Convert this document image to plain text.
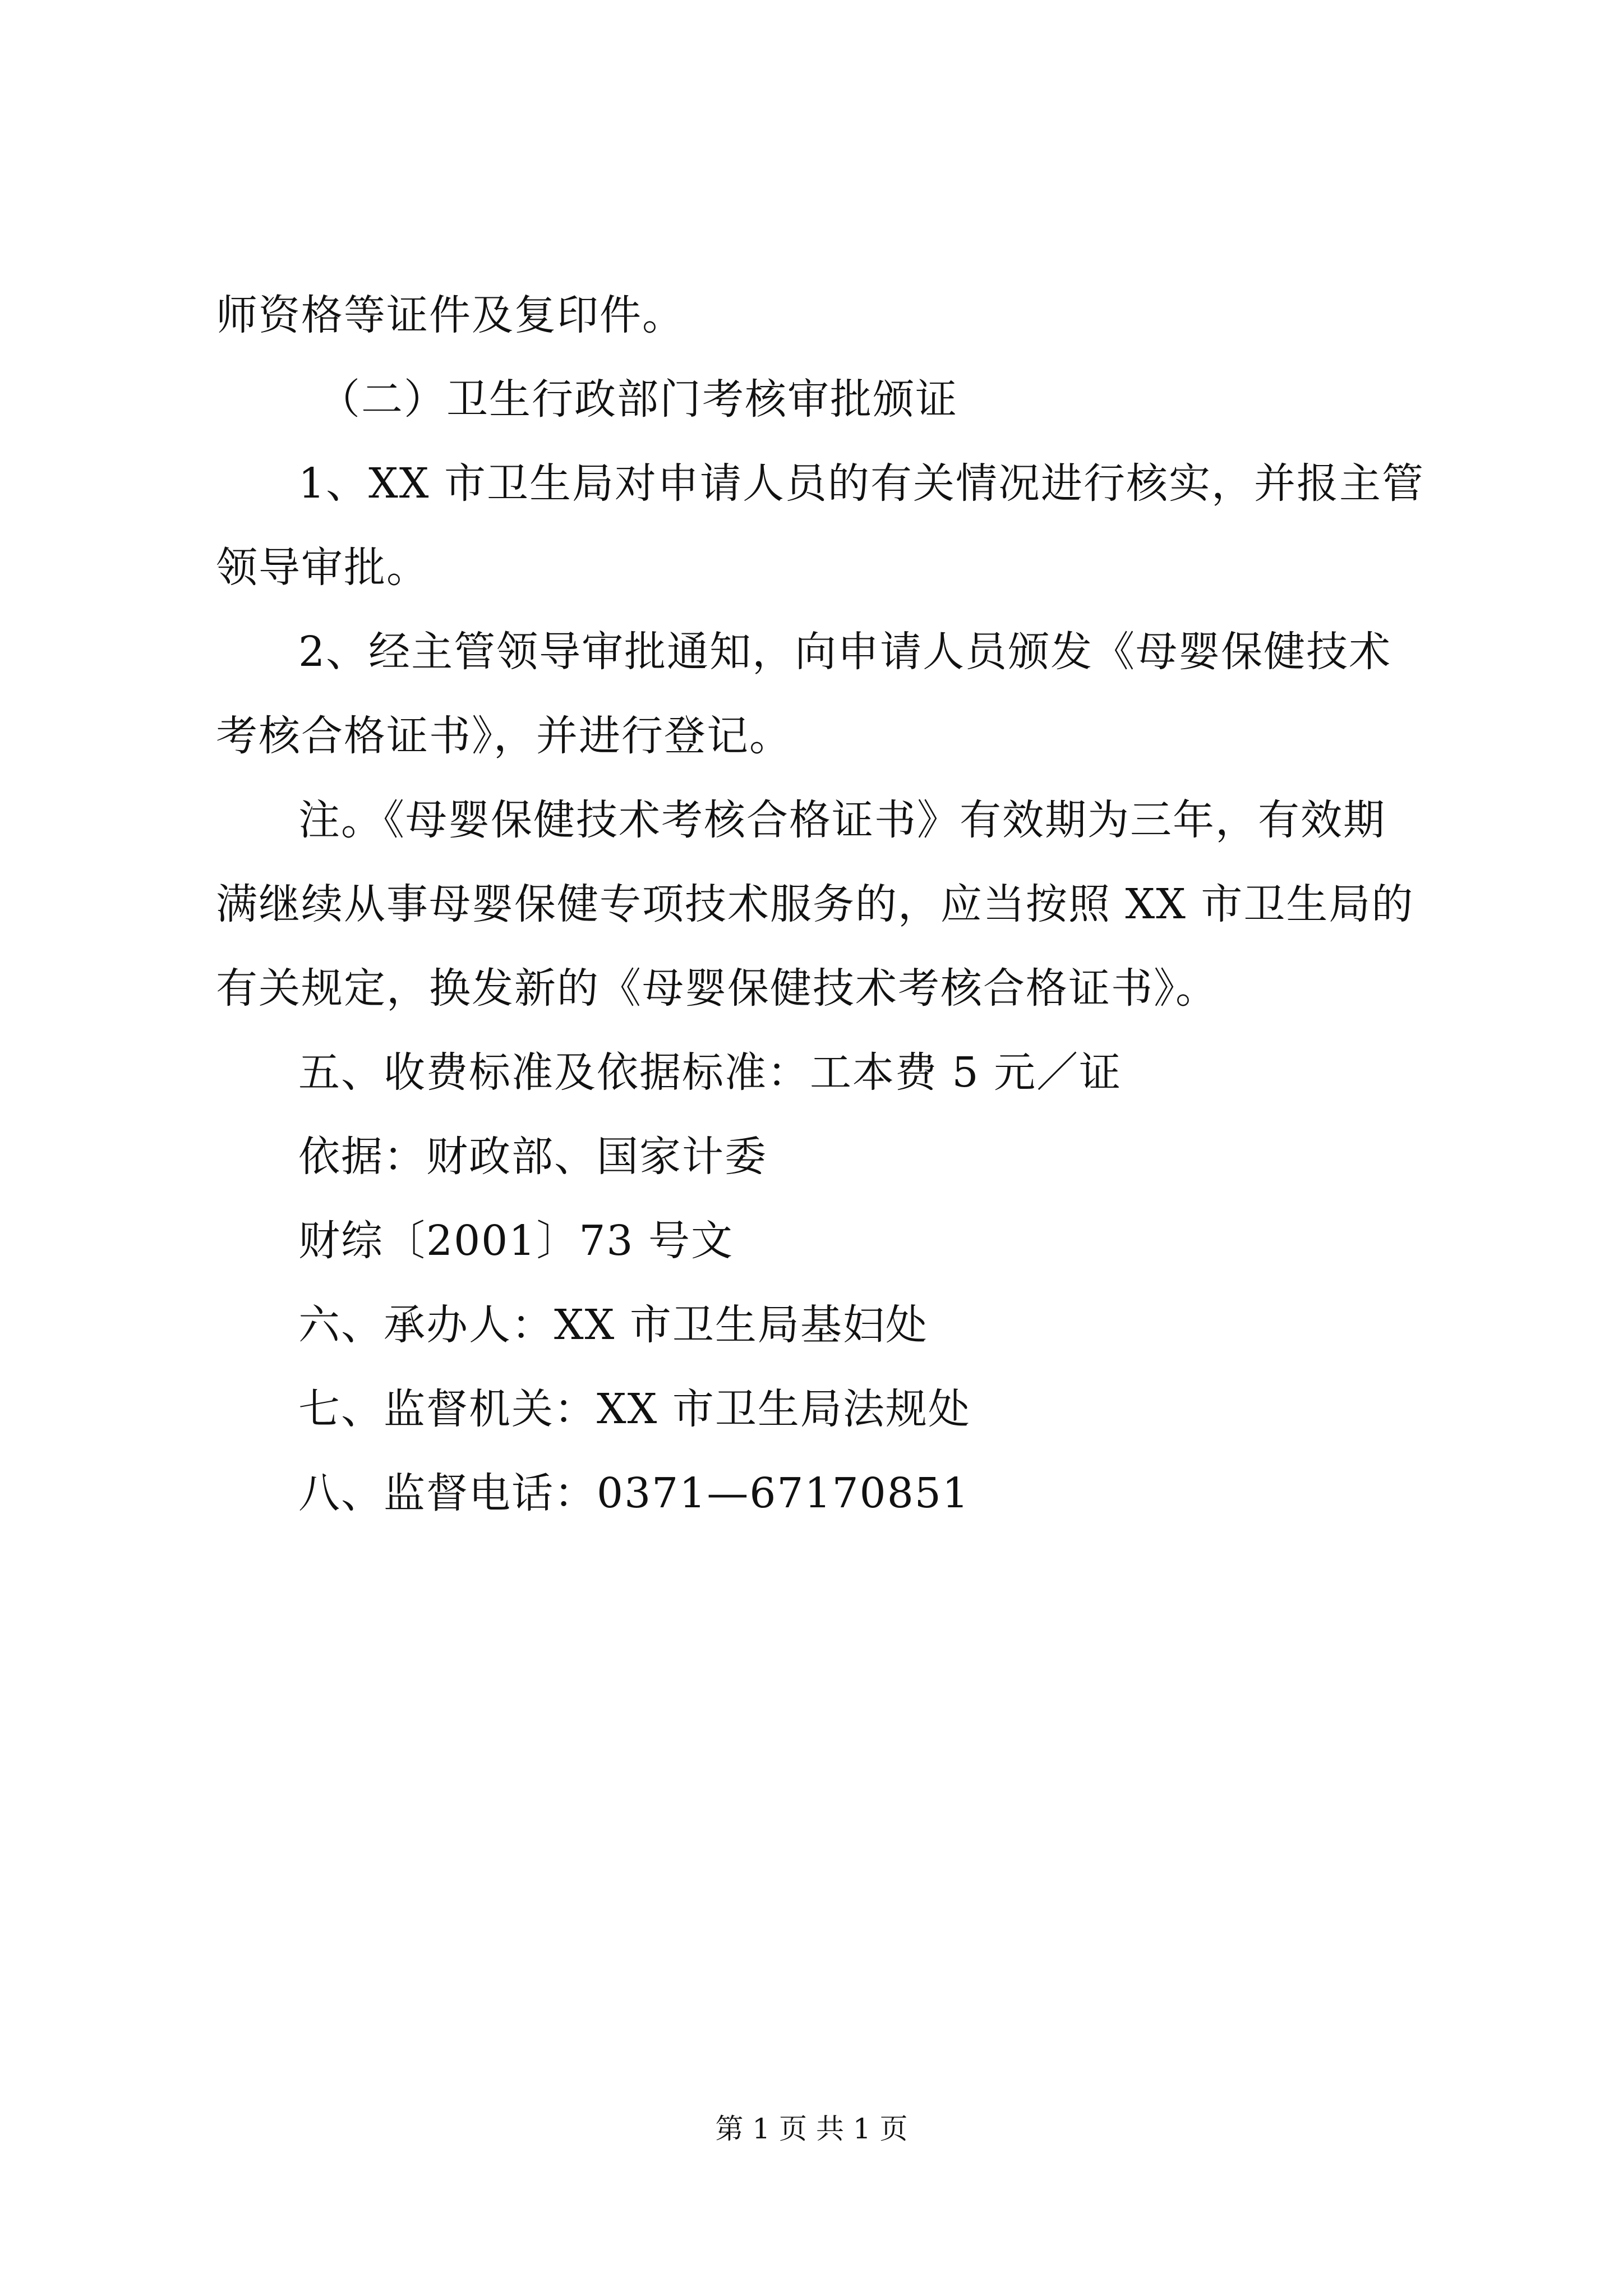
师资格等证件及复印件。
（二）卫生行政部门考核审批颁证
1、XX 市卫生局对申请人员的有关情况进行核实，并报主管
领导审批。
2、经主管领导审批通知，向申请人员颁发《母婴保健技术
考核合格证书》，并进行登记。
注。《母婴保健技术考核合格证书》有效期为三年，有效期
满继续从事母婴保健专项技术服务的，应当按照 XX 市卫生局的
有关规定，换发新的《母婴保健技术考核合格证书》。
五、收费标准及依据标准：工本费 5 元／证
依据：财政部、国家计委
财综〔2001〕73 号文
六、承办人：XX 市卫生局基妇处
七、监督机关：XX 市卫生局法规处
八、监督电话：0371—67170851
第 1 页 共 1 页
